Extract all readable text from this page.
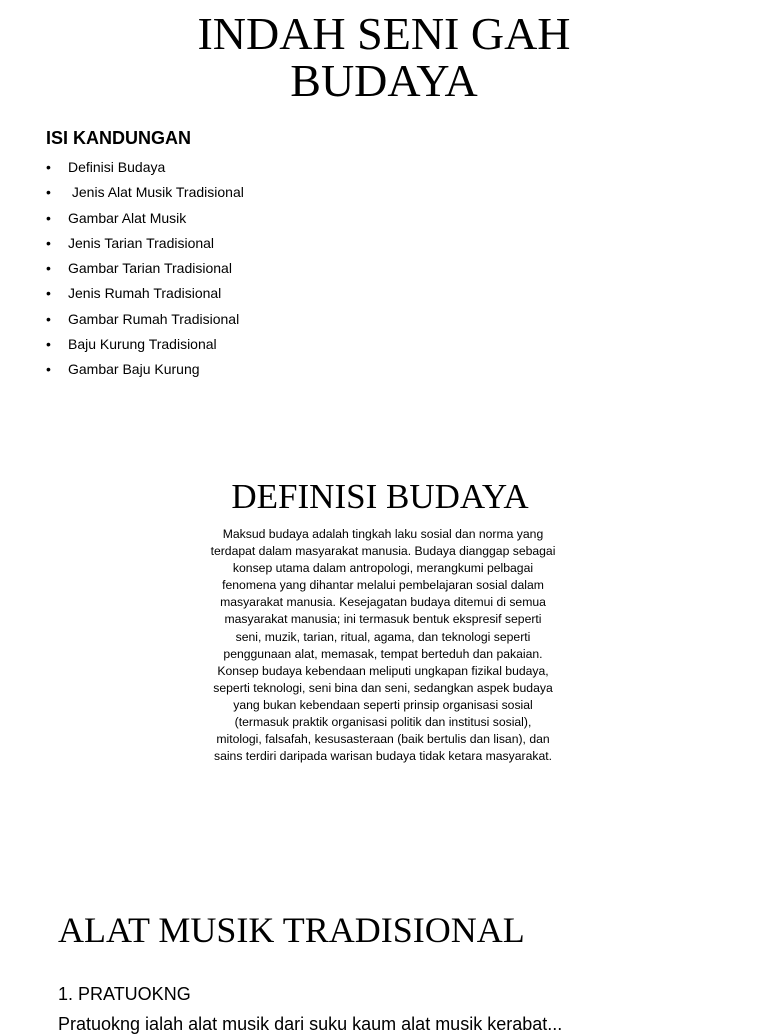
INDAH SENI GAH
BUDAYA
ISI KANDUNGAN
•	Definisi Budaya
•	Jenis Alat Musik Tradisional
•	Gambar Alat Musik
•	Jenis Tarian Tradisional
•	Gambar Tarian Tradisional
•	Jenis Rumah Tradisional
•	Gambar Rumah Tradisional
•	Baju Kurung Tradisional
•	Gambar Baju Kurung
DEFINISI BUDAYA
Maksud budaya adalah tingkah laku sosial dan norma yang
terdapat dalam masyarakat manusia. Budaya dianggap sebagai
konsep utama dalam antropologi, merangkumi pelbagai
fenomena yang dihantar melalui pembelajaran sosial dalam
masyarakat manusia. Kesejagatan budaya ditemui di semua
masyarakat manusia; ini termasuk bentuk ekspresif seperti
seni, muzik, tarian, ritual, agama, dan teknologi seperti
penggunaan alat, memasak, tempat berteduh dan pakaian.
Konsep budaya kebendaan meliputi ungkapan fizikal budaya,
seperti teknologi, seni bina dan seni, sedangkan aspek budaya
yang bukan kebendaan seperti prinsip organisasi sosial
(termasuk praktik organisasi politik dan institusi sosial),
mitologi, falsafah, kesusasteraan (baik bertulis dan lisan), dan
sains terdiri daripada warisan budaya tidak ketara masyarakat.
ALAT MUSIK TRADISIONAL
1. PRATUOKNG
Pratuokng ialah alat musik dari suku kaum alat musik kerabat...
